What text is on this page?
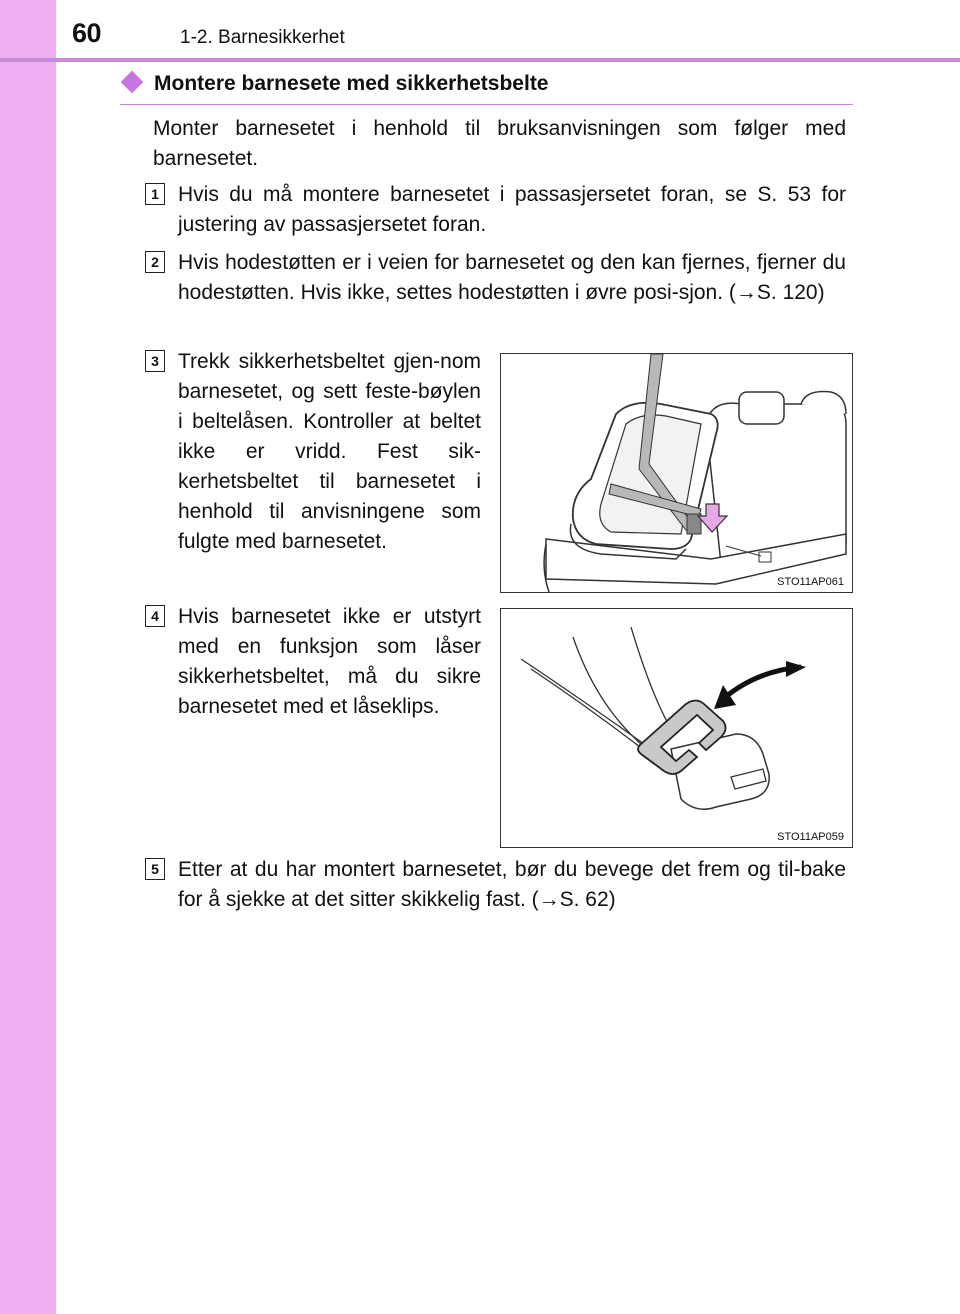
60	1-2. Barnesikkerhet
Montere barnesete med sikkerhetsbelte
Monter barnesetet i henhold til bruksanvisningen som følger med barnesetet.
1 Hvis du må montere barnesetet i passasjersetet foran, se S. 53 for justering av passasjersetet foran.
2 Hvis hodestøtten er i veien for barnesetet og den kan fjernes, fjerner du hodestøtten. Hvis ikke, settes hodestøtten i øvre posi-sjon. (→S. 120)
3 Trekk sikkerhetsbeltet gjen-nom barnesetet, og sett feste-bøylen i beltelåsen. Kontroller at beltet ikke er vridd. Fest sik-kerhetsbeltet til barnesetet i henhold til anvisningene som fulgte med barnesetet.
STO11AP061
4 Hvis barnesetet ikke er utstyrt med en funksjon som låser sikkerhetsbeltet, må du sikre barnesetet med et låseklips.
STO11AP059
5 Etter at du har montert barnesetet, bør du bevege det frem og til-bake for å sjekke at det sitter skikkelig fast. (→S. 62)
